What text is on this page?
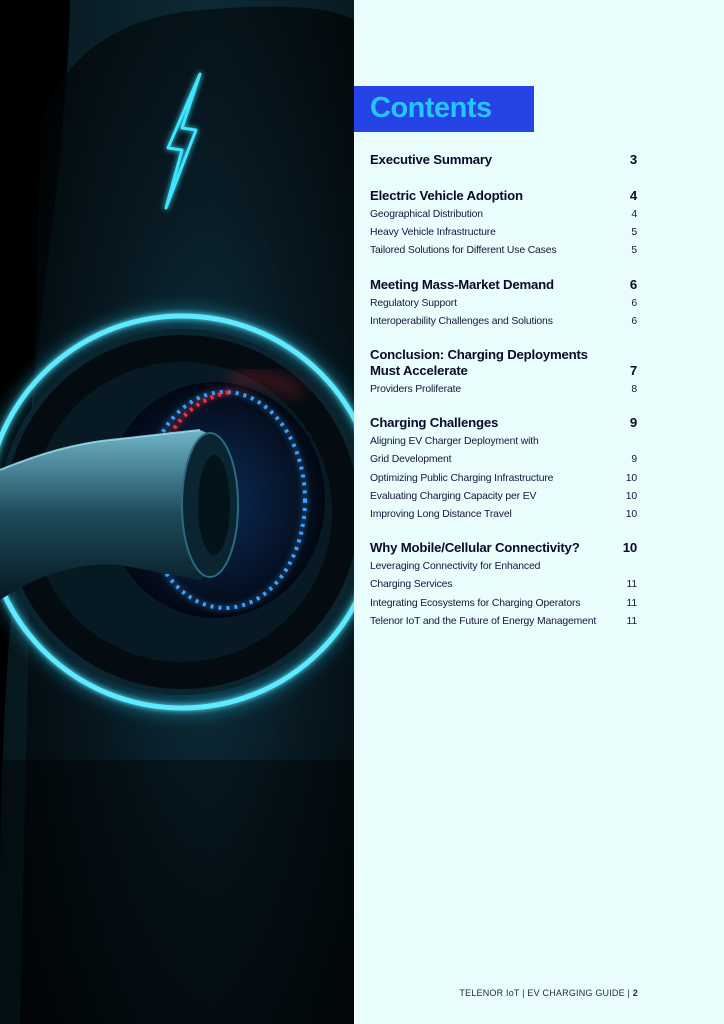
Contents
Executive Summary	3
Electric Vehicle Adoption	4
Geographical Distribution	4
Heavy Vehicle Infrastructure	5
Tailored Solutions for Different Use Cases	5
Meeting Mass-Market Demand	6
Regulatory Support	6
Interoperability Challenges and Solutions	6
Conclusion: Charging Deployments
Must Accelerate	7
Providers Proliferate	8
Charging Challenges	9
Aligning EV Charger Deployment with
Grid Development	9
Optimizing Public Charging Infrastructure	10
Evaluating Charging Capacity per EV	10
Improving Long Distance Travel	10
Why Mobile/Cellular Connectivity?	10
Leveraging Connectivity for Enhanced
Charging Services	11
Integrating Ecosystems for Charging Operators	11
Telenor IoT and the Future of Energy Management	11
TELENOR IoT | EV CHARGING GUIDE | 2
